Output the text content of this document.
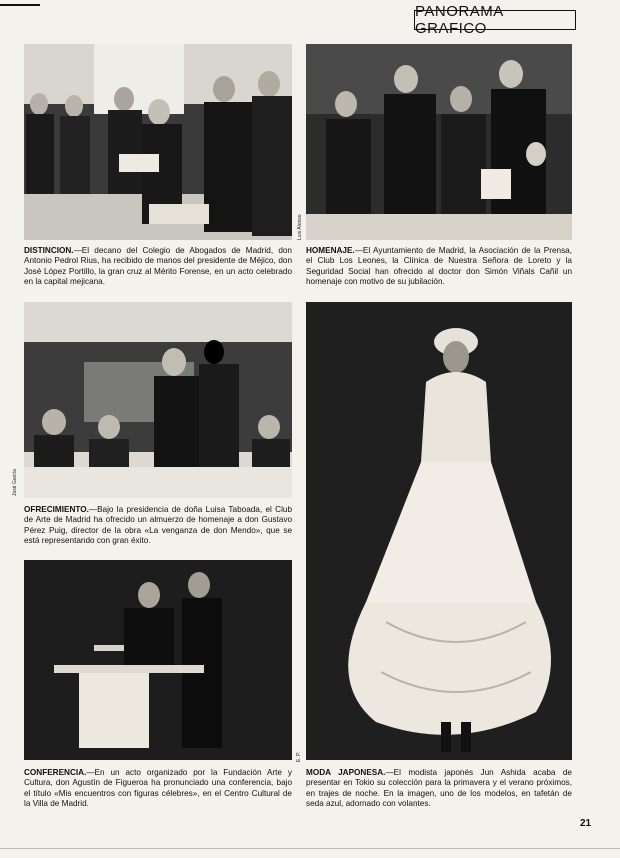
PANORAMA GRAFICO
DISTINCION.—El decano del Colegio de Abogados de Madrid, don Antonio Pedrol Rius, ha recibido de manos del presidente de Méjico, don José López Portillo, la gran cruz al Mérito Forense, en un acto celebrado en la capital mejicana.
Luis Alonso
HOMENAJE.—El Ayuntamiento de Madrid, la Asociación de la Prensa, el Club Los Leones, la Clínica de Nuestra Señora de Loreto y la Seguridad Social han ofrecido al doctor don Simón Viñals Cañil un homenaje con motivo de su jubilación.
José García
OFRECIMIENTO.—Bajo la presidencia de doña Luisa Taboada, el Club de Arte de Madrid ha ofrecido un almuerzo de homenaje a don Gustavo Pérez Puig, director de la obra «La venganza de don Mendo», que se está representando con gran éxito.
CONFERENCIA.—En un acto organizado por la Fundación Arte y Cultura, don Agustín de Figueroa ha pronunciado una conferencia, bajo el título «Mis encuentros con figuras célebres», en el Centro Cultural de la Villa de Madrid.
E. P.
MODA JAPONESA.—El modista japonés Jun Ashida acaba de presentar en Tokio su colección para la primavera y el verano próximos, en trajes de noche. En la imagen, uno de los modelos, en tafetán de seda azul, adornado con volantes.
21
